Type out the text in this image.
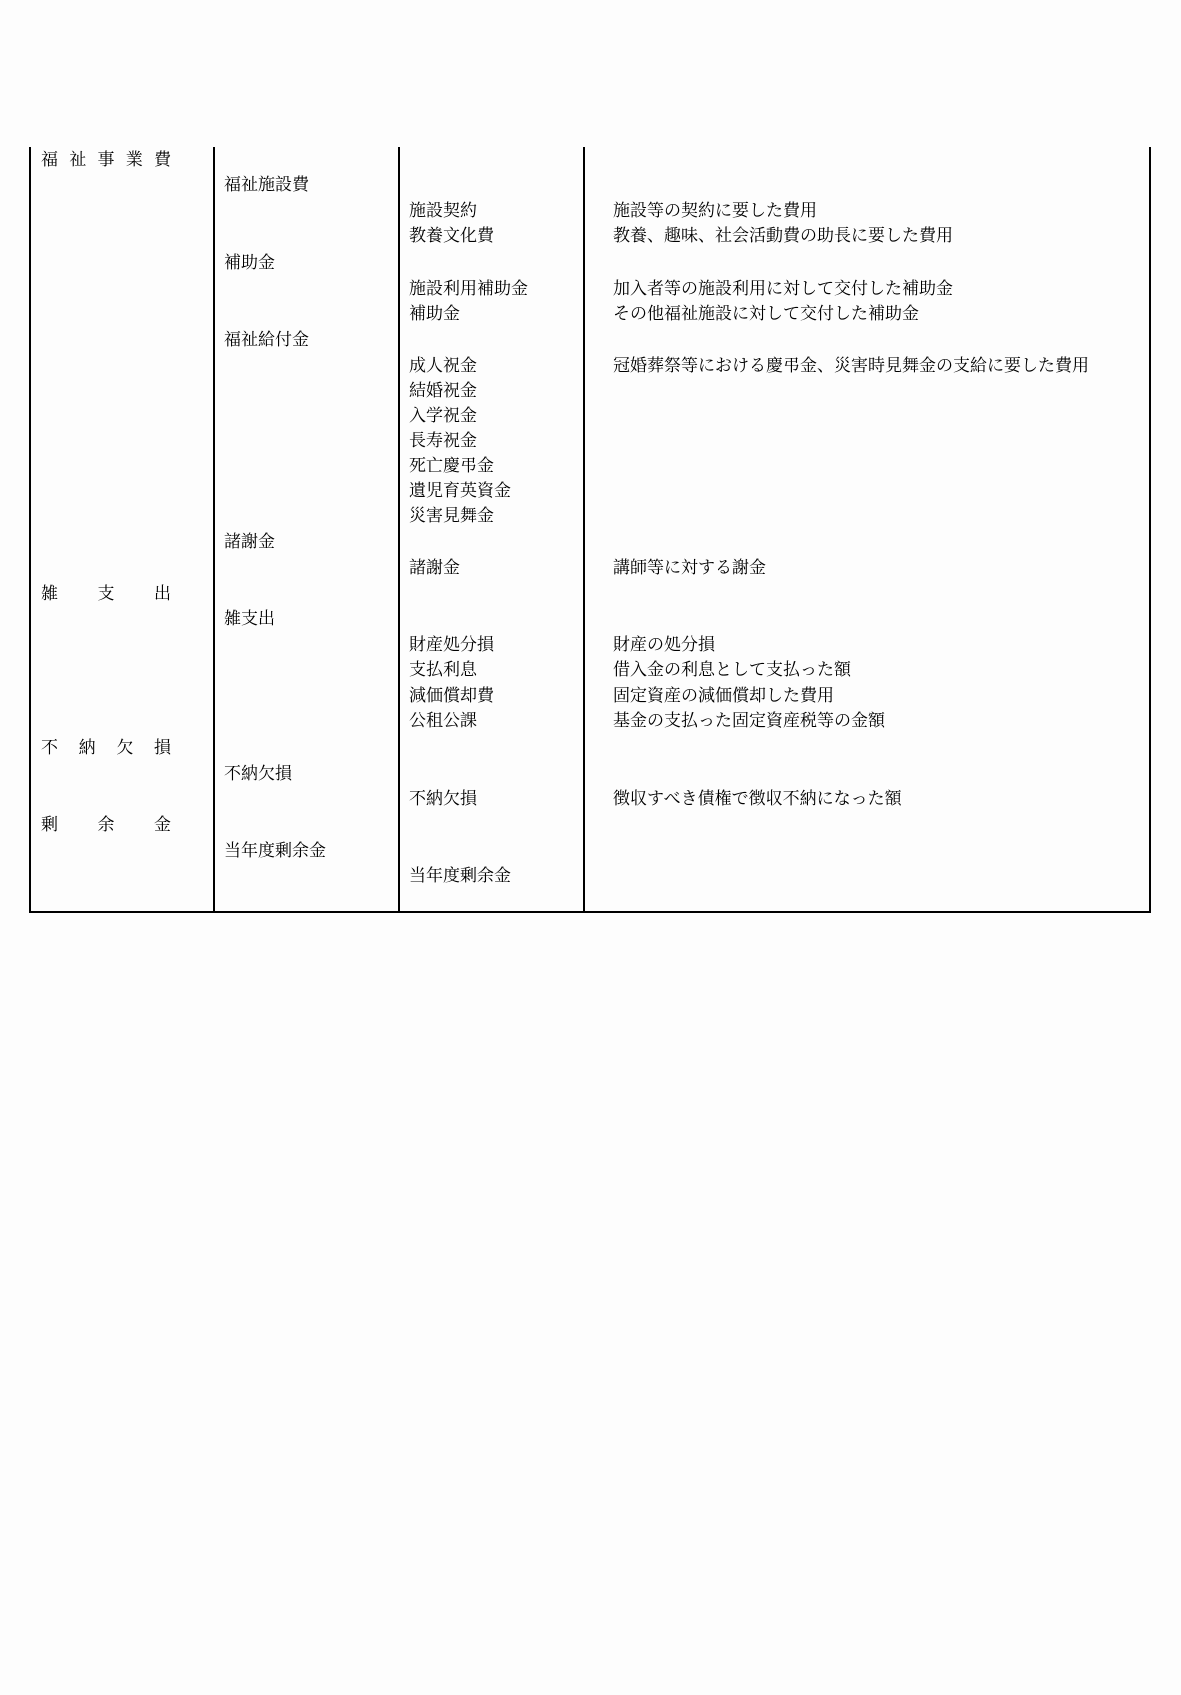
福 祉 事 業 費
雑 支 出
不 納 欠 損
剰 余 金
福祉施設費
補助金
福祉給付金
諸謝金
雑支出
不納欠損
当年度剰余金
施設契約
教養文化費
施設利用補助金
補助金
成人祝金
結婚祝金
入学祝金
長寿祝金
死亡慶弔金
遺児育英資金
災害見舞金
諸謝金
財産処分損
支払利息
減価償却費
公租公課
不納欠損
当年度剰余金
施設等の契約に要した費用
教養、趣味、社会活動費の助長に要した費用
加入者等の施設利用に対して交付した補助金
その他福祉施設に対して交付した補助金
冠婚葬祭等における慶弔金、災害時見舞金の支給に要した費用
講師等に対する謝金
財産の処分損
借入金の利息として支払った額
固定資産の減価償却した費用
基金の支払った固定資産税等の金額
徴収すべき債権で徴収不納になった額
